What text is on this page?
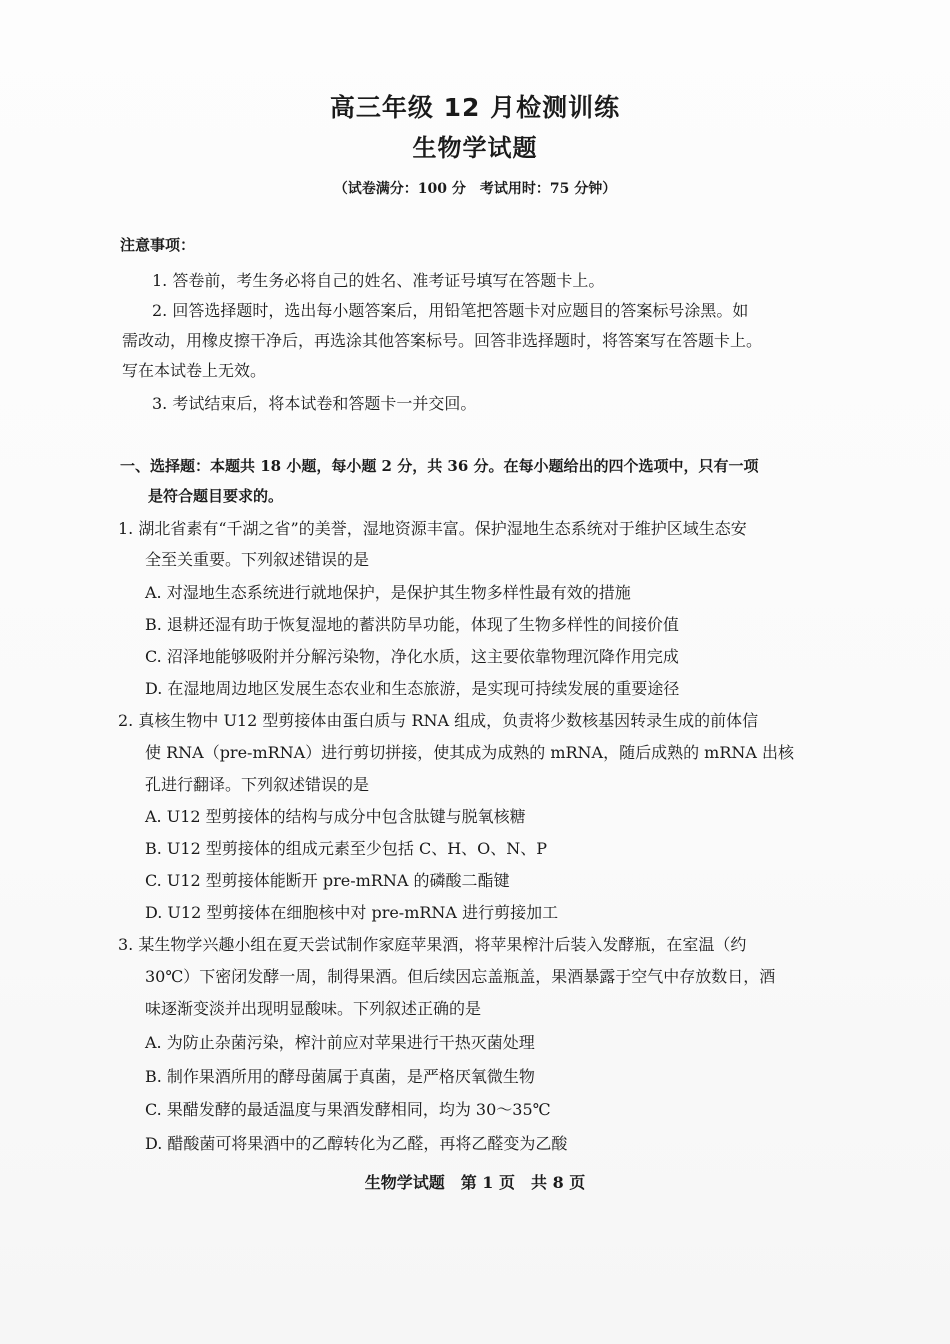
高三年级 12 月检测训练
生物学试题
（试卷满分：100 分　考试用时：75 分钟）
注意事项：
1. 答卷前，考生务必将自己的姓名、准考证号填写在答题卡上。
2. 回答选择题时，选出每小题答案后，用铅笔把答题卡对应题目的答案标号涂黑。如
需改动，用橡皮擦干净后，再选涂其他答案标号。回答非选择题时，将答案写在答题卡上。
写在本试卷上无效。
3. 考试结束后，将本试卷和答题卡一并交回。
一、选择题：本题共 18 小题，每小题 2 分，共 36 分。在每小题给出的四个选项中，只有一项
是符合题目要求的。
1. 湖北省素有“千湖之省”的美誉，湿地资源丰富。保护湿地生态系统对于维护区域生态安
全至关重要。下列叙述错误的是
A. 对湿地生态系统进行就地保护，是保护其生物多样性最有效的措施
B. 退耕还湿有助于恢复湿地的蓄洪防旱功能，体现了生物多样性的间接价值
C. 沼泽地能够吸附并分解污染物，净化水质，这主要依靠物理沉降作用完成
D. 在湿地周边地区发展生态农业和生态旅游，是实现可持续发展的重要途径
2. 真核生物中 U12 型剪接体由蛋白质与 RNA 组成，负责将少数核基因转录生成的前体信
使 RNA（pre-mRNA）进行剪切拼接，使其成为成熟的 mRNA，随后成熟的 mRNA 出核
孔进行翻译。下列叙述错误的是
A. U12 型剪接体的结构与成分中包含肽键与脱氧核糖
B. U12 型剪接体的组成元素至少包括 C、H、O、N、P
C. U12 型剪接体能断开 pre-mRNA 的磷酸二酯键
D. U12 型剪接体在细胞核中对 pre-mRNA 进行剪接加工
3. 某生物学兴趣小组在夏天尝试制作家庭苹果酒，将苹果榨汁后装入发酵瓶，在室温（约
30℃）下密闭发酵一周，制得果酒。但后续因忘盖瓶盖，果酒暴露于空气中存放数日，酒
味逐渐变淡并出现明显酸味。下列叙述正确的是
A. 为防止杂菌污染，榨汁前应对苹果进行干热灭菌处理
B. 制作果酒所用的酵母菌属于真菌，是严格厌氧微生物
C. 果醋发酵的最适温度与果酒发酵相同，均为 30～35℃
D. 醋酸菌可将果酒中的乙醇转化为乙醛，再将乙醛变为乙酸
生物学试题　第 1 页　共 8 页
